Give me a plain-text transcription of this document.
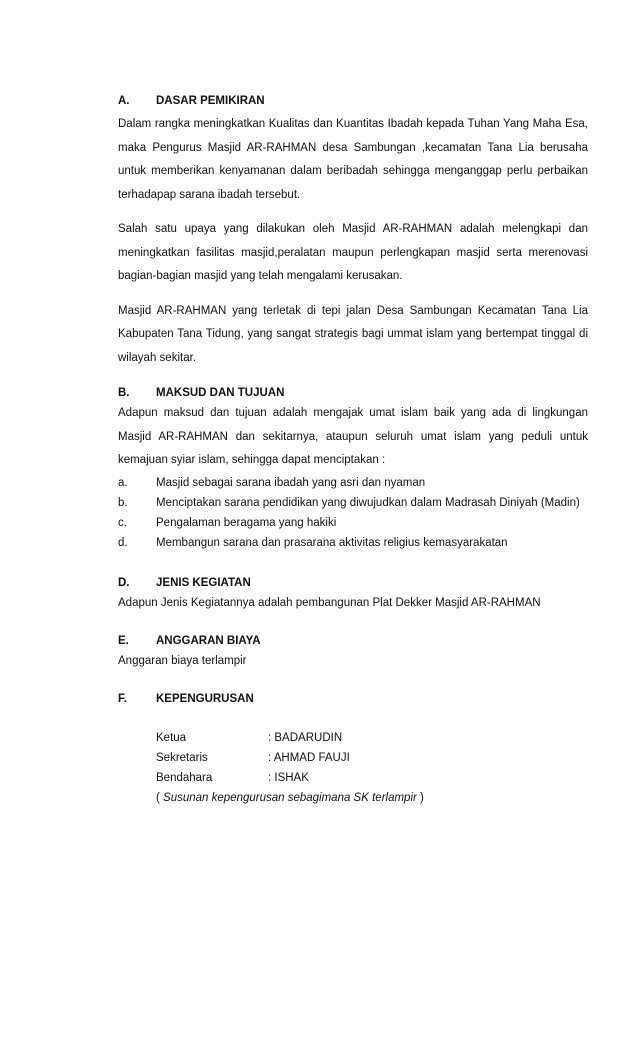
A.	DASAR PEMIKIRAN

Dalam rangka meningkatkan Kualitas dan Kuantitas Ibadah kepada Tuhan Yang Maha Esa, maka Pengurus Masjid AR-RAHMAN desa Sambungan ,kecamatan Tana Lia berusaha untuk memberikan kenyamanan dalam beribadah sehingga menganggap perlu perbaikan terhadapap sarana ibadah tersebut.

Salah satu upaya yang dilakukan oleh Masjid AR-RAHMAN adalah melengkapi dan meningkatkan fasilitas masjid,peralatan maupun perlengkapan masjid serta merenovasi bagian-bagian masjid yang telah mengalami kerusakan.

Masjid AR-RAHMAN yang terletak di tepi jalan Desa Sambungan Kecamatan Tana Lia Kabupaten Tana Tidung, yang sangat strategis bagi ummat islam yang bertempat tinggal di wilayah sekitar.

B.	MAKSUD DAN TUJUAN

Adapun maksud dan tujuan adalah mengajak umat islam baik yang ada di lingkungan Masjid AR-RAHMAN dan sekitarnya, ataupun seluruh umat islam yang peduli untuk kemajuan syiar islam, sehingga dapat menciptakan :

a.	Masjid sebagai sarana ibadah yang asri dan nyaman
b.	Menciptakan sarana pendidikan yang diwujudkan dalam Madrasah Diniyah (Madin)
c.	Pengalaman beragama yang hakiki
d.	Membangun sarana dan prasarana aktivitas religius kemasyarakatan
D.	JENIS KEGIATAN

Adapun Jenis Kegiatannya adalah pembangunan Plat Dekker Masjid AR-RAHMAN

E.	ANGGARAN BIAYA

Anggaran biaya terlampir

F.	KEPENGURUSAN
Ketua	: BADARUDIN
Sekretaris	: AHMAD FAUJI
Bendahara	: ISHAK
( Susunan kepengurusan sebagimana SK terlampir )
